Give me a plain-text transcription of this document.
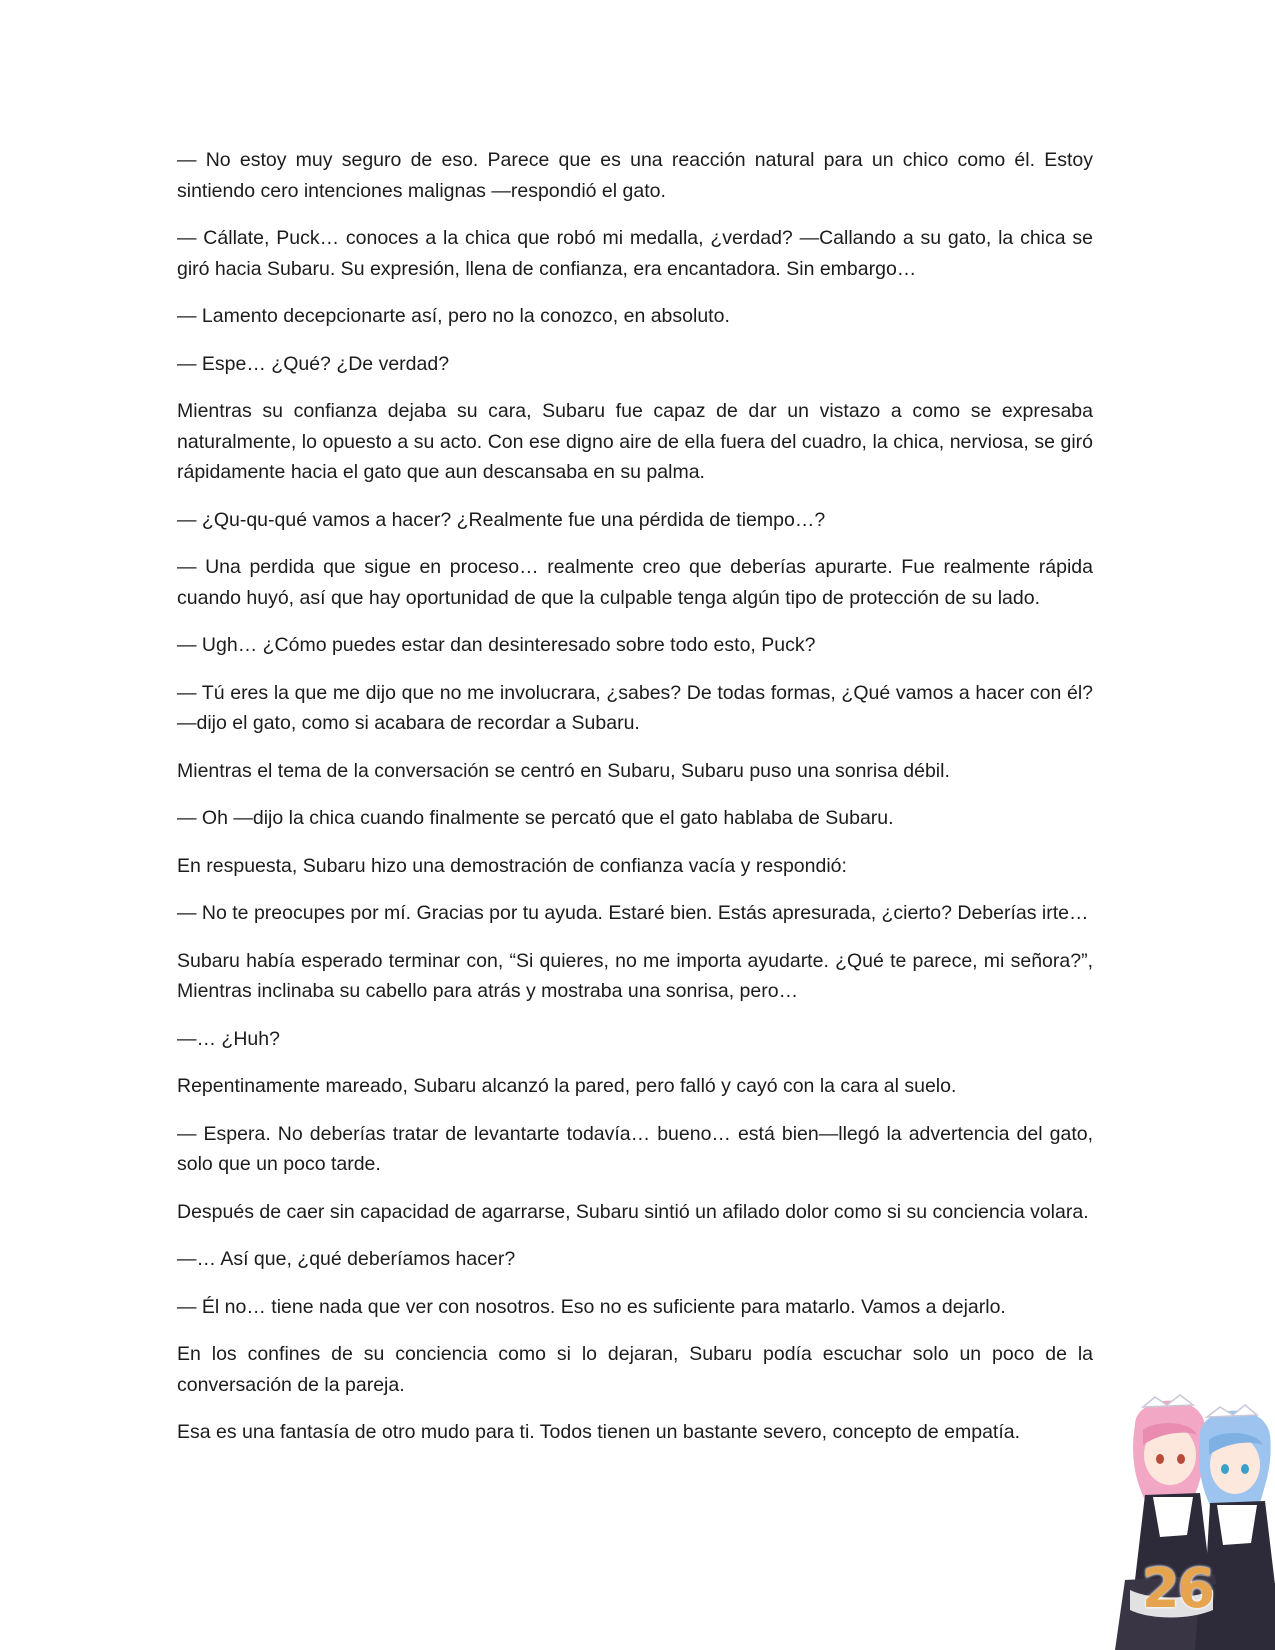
— No estoy muy seguro de eso. Parece que es una reacción natural para un chico como él. Estoy sintiendo cero intenciones malignas —respondió el gato.

— Cállate, Puck… conoces a la chica que robó mi medalla, ¿verdad? —Callando a su gato, la chica se giró hacia Subaru. Su expresión, llena de confianza, era encantadora. Sin embargo…

— Lamento decepcionarte así, pero no la conozco, en absoluto.

— Espe… ¿Qué? ¿De verdad?

Mientras su confianza dejaba su cara, Subaru fue capaz de dar un vistazo a como se expresaba naturalmente, lo opuesto a su acto. Con ese digno aire de ella fuera del cuadro, la chica, nerviosa, se giró rápidamente hacia el gato que aun descansaba en su palma.

— ¿Qu-qu-qué vamos a hacer? ¿Realmente fue una pérdida de tiempo…?

— Una perdida que sigue en proceso… realmente creo que deberías apurarte. Fue realmente rápida cuando huyó, así que hay oportunidad de que la culpable tenga algún tipo de protección de su lado.

— Ugh… ¿Cómo puedes estar dan desinteresado sobre todo esto, Puck?

— Tú eres la que me dijo que no me involucrara, ¿sabes? De todas formas, ¿Qué vamos a hacer con él? —dijo el gato, como si acabara de recordar a Subaru.

Mientras el tema de la conversación se centró en Subaru, Subaru puso una sonrisa débil.

— Oh —dijo la chica cuando finalmente se percató que el gato hablaba de Subaru.

En respuesta, Subaru hizo una demostración de confianza vacía y respondió:

— No te preocupes por mí. Gracias por tu ayuda. Estaré bien. Estás apresurada, ¿cierto? Deberías irte…

Subaru había esperado terminar con, “Si quieres, no me importa ayudarte. ¿Qué te parece, mi señora?”, Mientras inclinaba su cabello para atrás y mostraba una sonrisa, pero…

—… ¿Huh?

Repentinamente mareado, Subaru alcanzó la pared, pero falló y cayó con la cara al suelo.

— Espera. No deberías tratar de levantarte todavía… bueno… está bien—llegó la advertencia del gato, solo que un poco tarde.

Después de caer sin capacidad de agarrarse, Subaru sintió un afilado dolor como si su conciencia volara.

—… Así que, ¿qué deberíamos hacer?

— Él no… tiene nada que ver con nosotros. Eso no es suficiente para matarlo. Vamos a dejarlo.

En los confines de su conciencia como si lo dejaran, Subaru podía escuchar solo un poco de la conversación de la pareja.

Esa es una fantasía de otro mudo para ti. Todos tienen un bastante severo, concepto de empatía.

26
